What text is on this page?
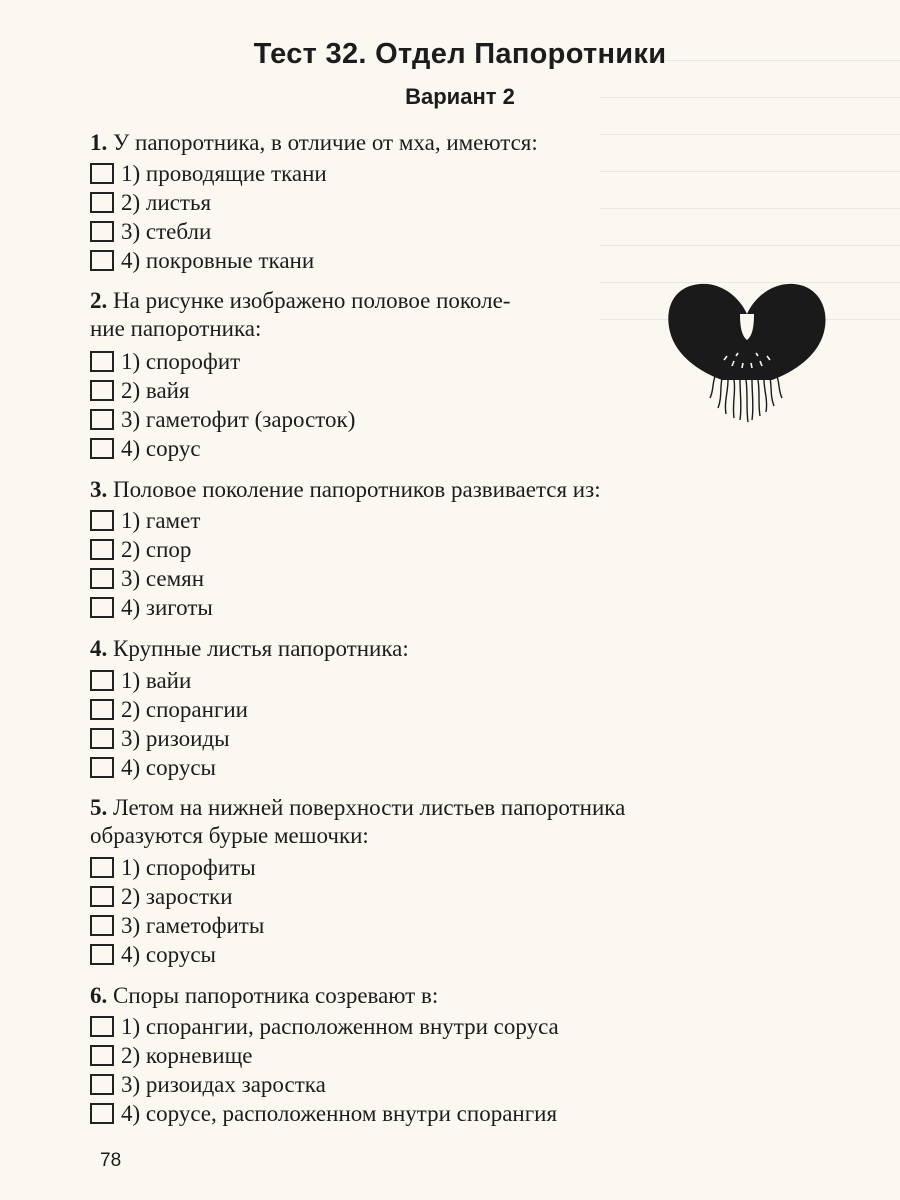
Тест 32. Отдел Папоротники
Вариант 2
1. У папоротника, в отличие от мха, имеются:
1) проводящие ткани
2) листья
3) стебли
4) покровные ткани
2. На рисунке изображено половое поколе-
ние папоротника:
1) спорофит
2) вайя
3) гаметофит (заросток)
4) сорус
3. Половое поколение папоротников развивается из:
1) гамет
2) спор
3) семян
4) зиготы
4. Крупные листья папоротника:
1) вайи
2) спорангии
3) ризоиды
4) сорусы
5. Летом на нижней поверхности листьев папоротника
образуются бурые мешочки:
1) спорофиты
2) заростки
3) гаметофиты
4) сорусы
6. Споры папоротника созревают в:
1) спорангии, расположенном внутри соруса
2) корневище
3) ризоидах заростка
4) сорусе, расположенном внутри спорангия
78
